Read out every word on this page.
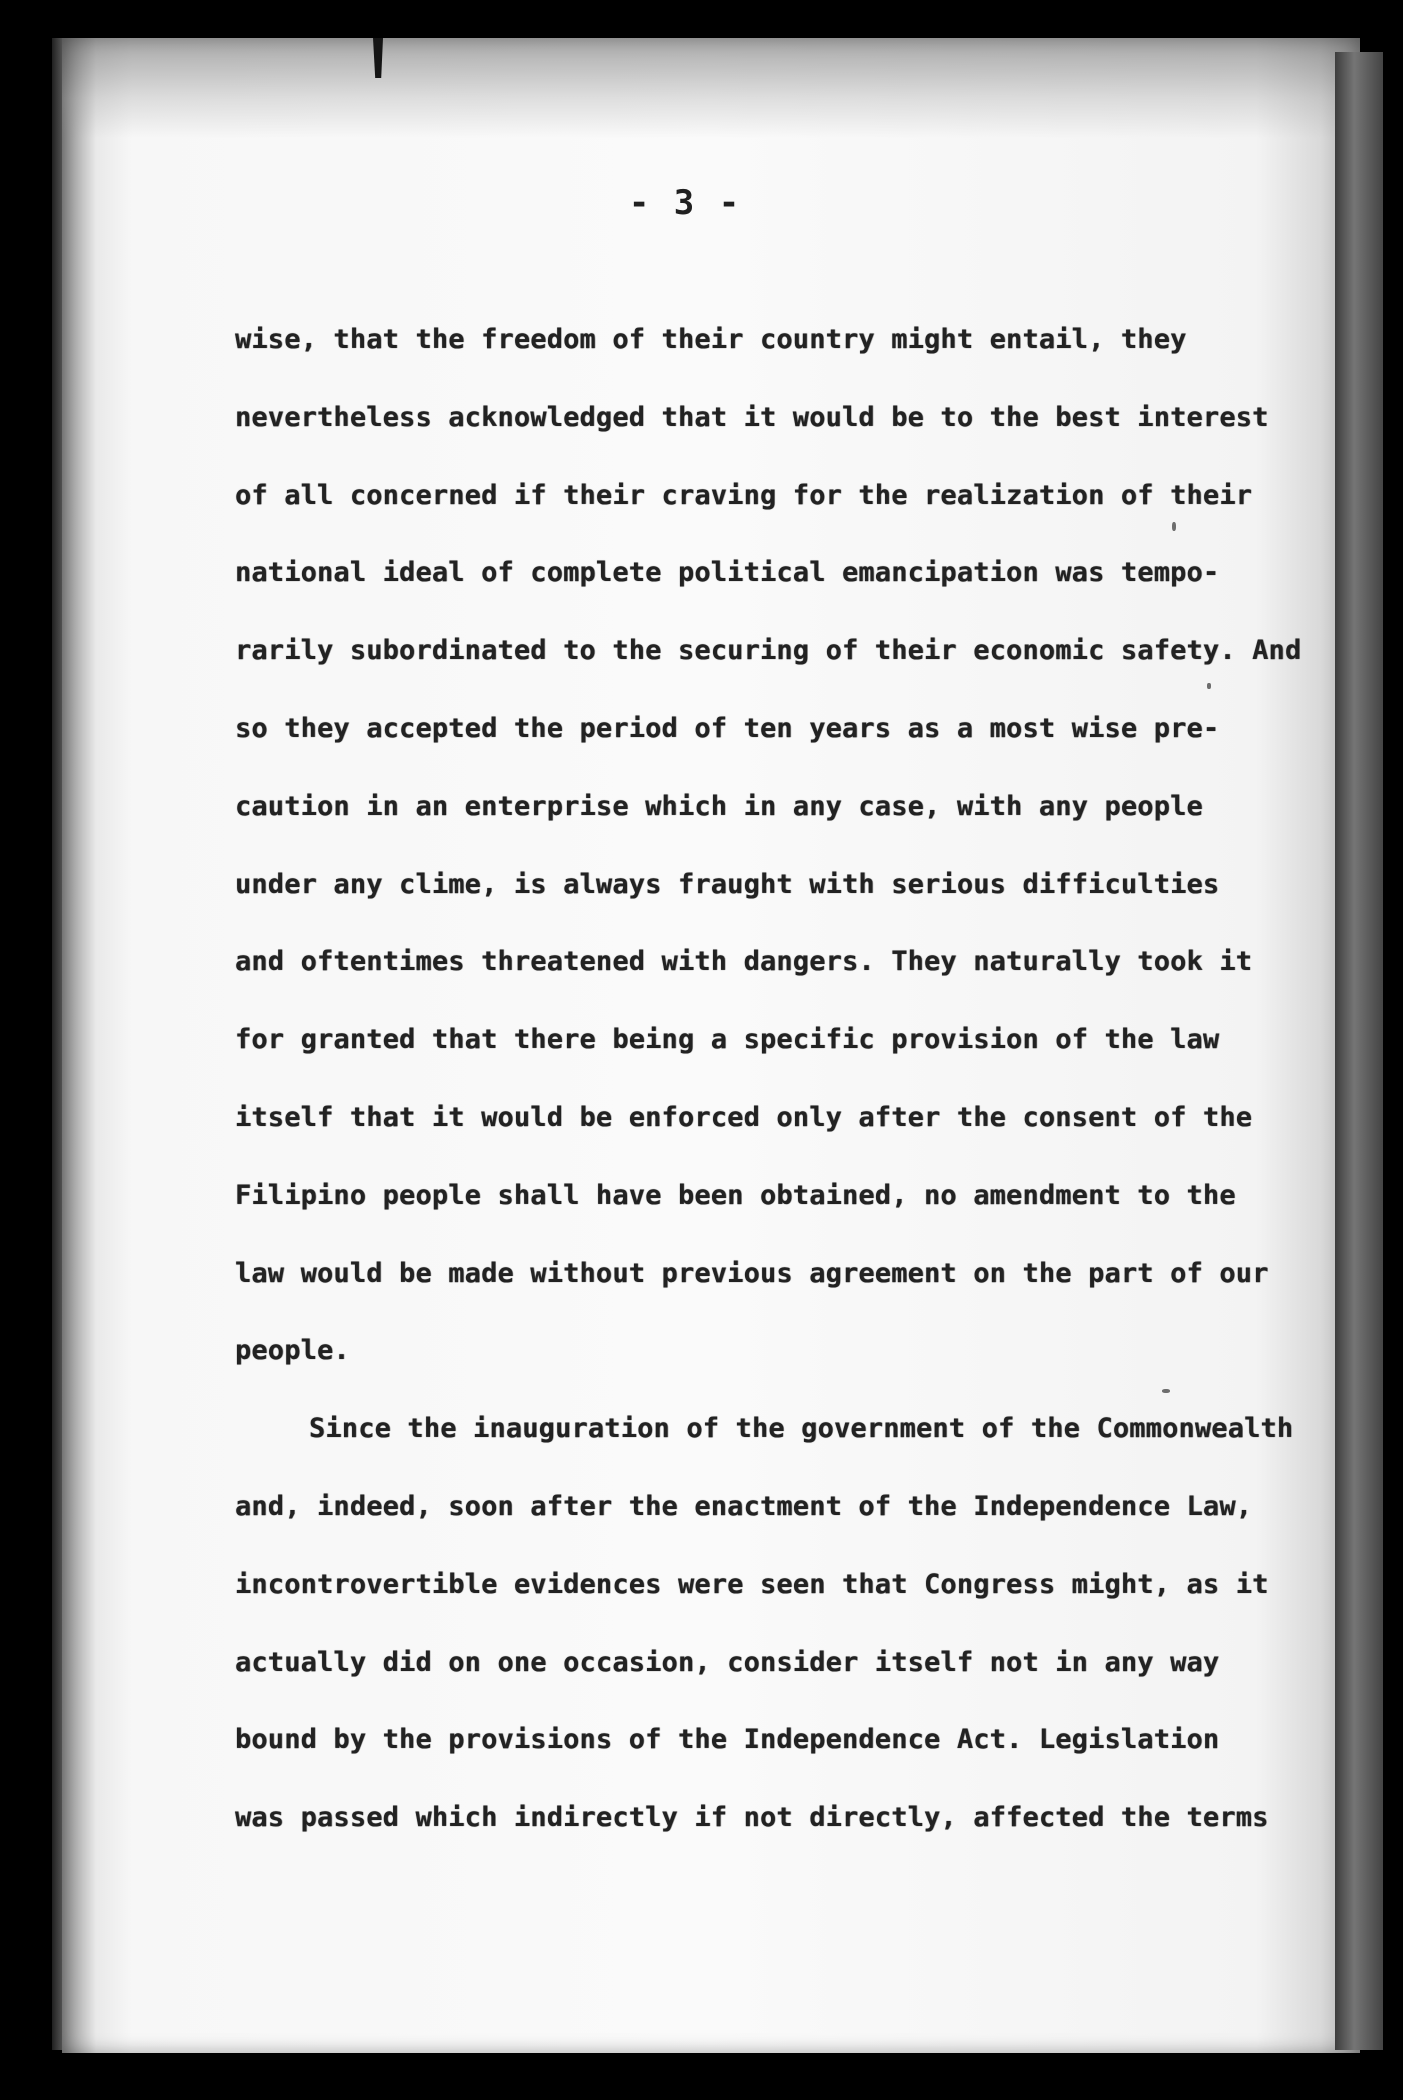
- 3 -
wise, that the freedom of their country might entail, they
nevertheless acknowledged that it would be to the best interest
of all concerned if their craving for the realization of their
national ideal of complete political emancipation was tempo-
rarily subordinated to the securing of their economic safety. And
so they accepted the period of ten years as a most wise pre-
caution in an enterprise which in any case, with any people
under any clime, is always fraught with serious difficulties
and oftentimes threatened with dangers. They naturally took it
for granted that there being a specific provision of the law
itself that it would be enforced only after the consent of the
Filipino people shall have been obtained, no amendment to the
law would be made without previous agreement on the part of our
people.
Since the inauguration of the government of the Commonwealth
and, indeed, soon after the enactment of the Independence Law,
incontrovertible evidences were seen that Congress might, as it
actually did on one occasion, consider itself not in any way
bound by the provisions of the Independence Act. Legislation
was passed which indirectly if not directly, affected the terms
